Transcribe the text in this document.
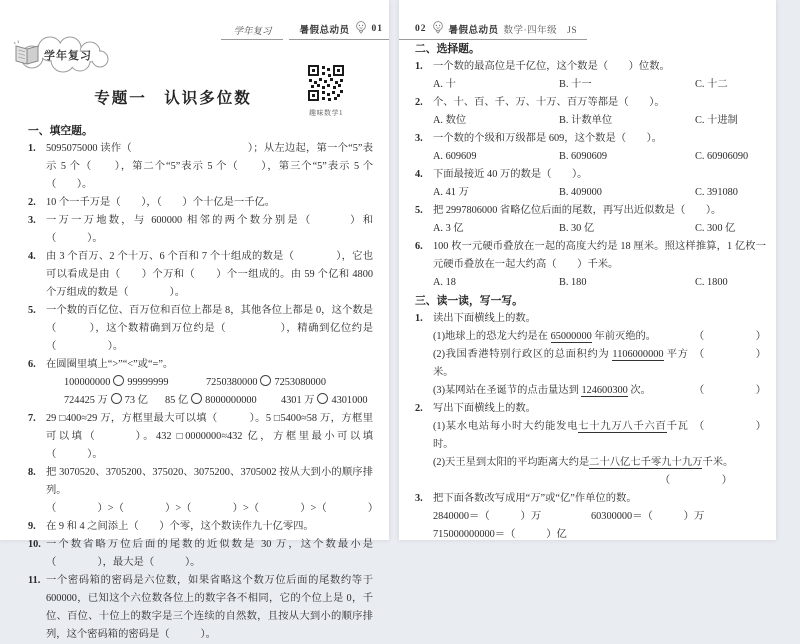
学年复习	暑假总动员 01
学年复习
专题一　认识多位数
趣味数学1
一、填空题。
1. 5095075000 读作（　　　　　　　　　　　）；从左边起，第一个“5”表示 5 个（　　），第二个“5”表示 5 个（　　），第三个“5”表示 5 个（　　）。
2. 10 个一千万是（　　），（　　）个十亿是一千亿。
3. 一万一万地数，与 600000 相邻的两个数分别是（　　　）和（　　　）。
4. 由 3 个百万、2 个十万、6 个百和 7 个十组成的数是（　　　　），它也可以看成是由（　　）个万和（　　）个一组成的。由 59 个亿和 4800 个万组成的数是（　　　　）。
5. 一个数的百亿位、百万位和百位上都是 8，其他各位上都是 0，这个数是（　　　），这个数精确到万位约是（　　　　　），精确到亿位约是（　　　　　）。
6. 在圆圈里填上“>”“<”或“=”。
100000000 99999999	7250380000 7253080000
724425 万 73 亿	85 亿 8000000000	4301 万 4301000
7. 29 □400≈29 万，方框里最大可以填（　　　）。5 □5400≈58 万，方框里可以填（　　　）。432 □0000000≈432 亿，方框里最小可以填（　　　）。
8. 把 3070520、3705200、375020、3075200、3705002 按从大到小的顺序排列。
（　　　　）>（　　　　）>（　　　　）>（　　　　）>（　　　　）
9. 在 9 和 4 之间添上（　　）个零，这个数读作九十亿零四。
10. 一个数省略万位后面的尾数的近似数是 30 万，这个数最小是（　　　　），最大是（　　　）。
11. 一个密码箱的密码是六位数，如果省略这个数万位后面的尾数约等于 600000，已知这个六位数各位上的数字各不相同，它的个位上是 0，千位、百位、十位上的数字是三个连续的自然数，且按从大到小的顺序排列，这个密码箱的密码是（　　　）。
02 暑假总动员 数学·四年级　JS
二、选择题。
1. 一个数的最高位是千亿位，这个数是（　　）位数。
A. 十	B. 十一	C. 十二
2. 个、十、百、千、万、十万、百万等都是（　　）。
A. 数位	B. 计数单位	C. 十进制
3. 一个数的个级和万级都是 609，这个数是（　　）。
A. 609609	B. 6090609	C. 60906090
4. 下面最接近 40 万的数是（　　）。
A. 41 万	B. 409000	C. 391080
5. 把 2997806000 省略亿位后面的尾数，再写出近似数是（　　）。
A. 3 亿	B. 30 亿	C. 300 亿
6. 100 枚一元硬币叠放在一起的高度大约是 18 厘米。照这样推算，1 亿枚一元硬币叠放在一起大约高（　　）千米。
A. 18	B. 180	C. 1800
三、读一读，写一写。
1. 读出下面横线上的数。
(1)地球上的恐龙大约是在 65000000 年前灭绝的。	（　　　　　）
(2)我国香港特别行政区的总面积约为 1106000000 平方米。
（　　　　　）
(3)某网站在圣诞节的点击量达到 124600300 次。	（　　　　　）
2. 写出下面横线上的数。
(1)某水电站每小时大约能发电七十九万八千六百千瓦时。
（　　　　　）
(2)天王星到太阳的平均距离大约是二十八亿七千零九十九万千米。
（　　　　　）
3. 把下面各数改写成用“万”或“亿”作单位的数。
2840000＝（　　　）万	60300000＝（　　　）万
715000000000＝（　　　）亿
